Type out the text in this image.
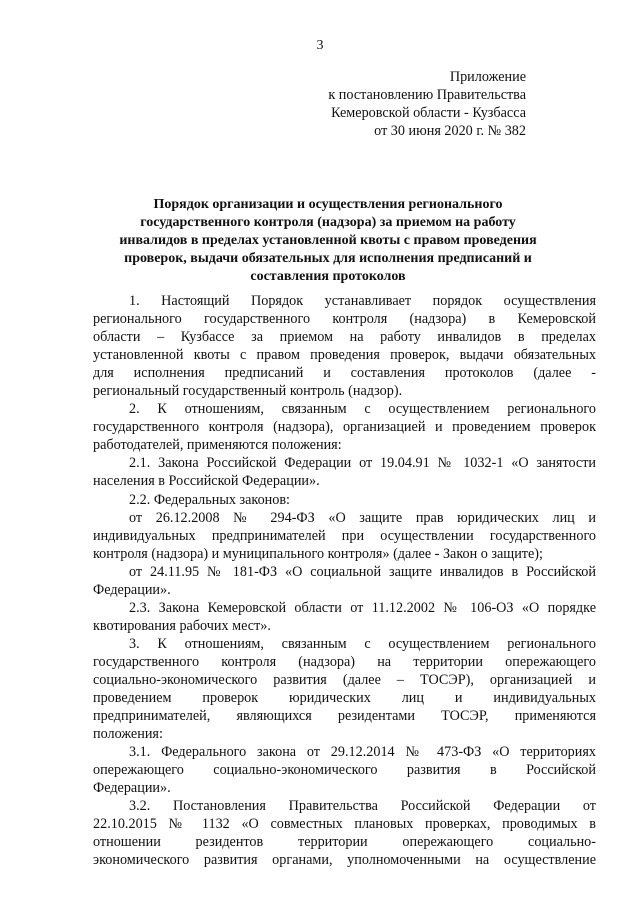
3
Приложение
к постановлению Правительства
Кемеровской области - Кузбасса
от 30 июня 2020 г. № 382
Порядок организации и осуществления регионального
государственного контроля (надзора) за приемом на работу
инвалидов в пределах установленной квоты с правом проведения
проверок, выдачи обязательных для исполнения предписаний и
составления протоколов
1. Настоящий Порядок устанавливает порядок осуществления
регионального государственного контроля (надзора) в Кемеровской
области – Кузбассе за приемом на работу инвалидов в пределах
установленной квоты с правом проведения проверок, выдачи обязательных
для исполнения предписаний и составления протоколов (далее -
региональный государственный контроль (надзор).
2. К отношениям, связанным с осуществлением регионального
государственного контроля (надзора), организацией и проведением проверок
работодателей, применяются положения:
2.1. Закона Российской Федерации от 19.04.91 № 1032-1 «О занятости
населения в Российской Федерации».
2.2. Федеральных законов:
от 26.12.2008 № 294-ФЗ «О защите прав юридических лиц и
индивидуальных предпринимателей при осуществлении государственного
контроля (надзора) и муниципального контроля» (далее - Закон о защите);
от 24.11.95 № 181-ФЗ «О социальной защите инвалидов в Российской
Федерации».
2.3. Закона Кемеровской области от 11.12.2002 № 106-ОЗ «О порядке
квотирования рабочих мест».
3. К отношениям, связанным с осуществлением регионального
государственного контроля (надзора) на территории опережающего
социально-экономического развития (далее – ТОСЭР), организацией и
проведением проверок юридических лиц и индивидуальных
предпринимателей, являющихся резидентами ТОСЭР, применяются
положения:
3.1. Федерального закона от 29.12.2014 № 473-ФЗ «О территориях
опережающего социально-экономического развития в Российской
Федерации».
3.2. Постановления Правительства Российской Федерации от
22.10.2015 № 1132 «О совместных плановых проверках, проводимых в
отношении резидентов территории опережающего социально-
экономического развития органами, уполномоченными на осуществление
